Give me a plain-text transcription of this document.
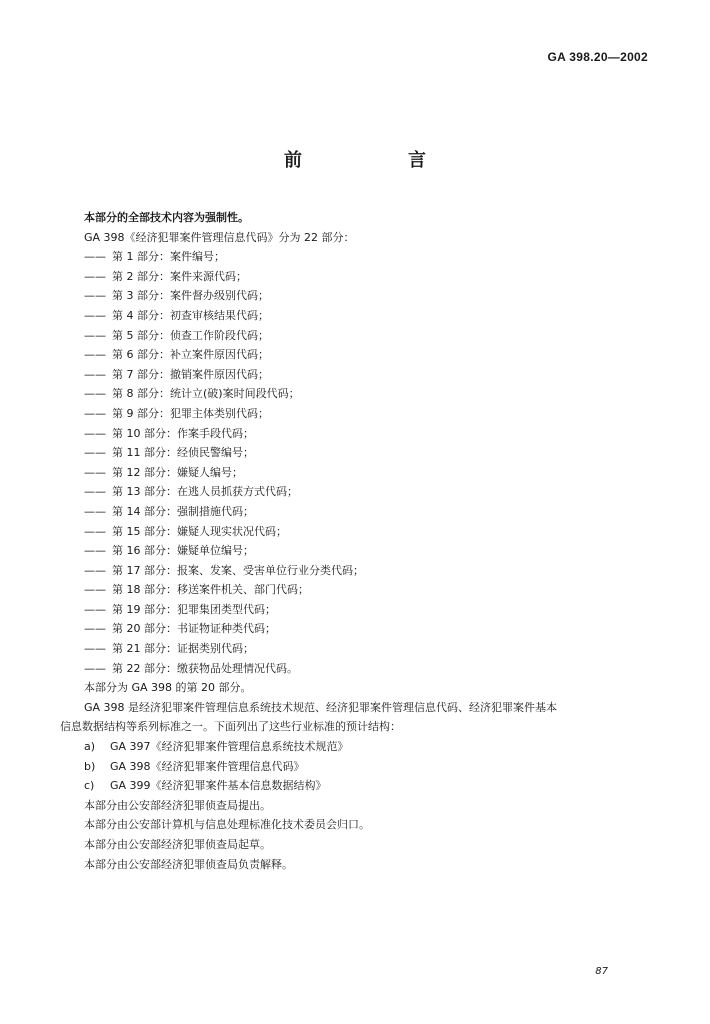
GA 398.20—2002
前　言
本部分的全部技术内容为强制性。
GA 398《经济犯罪案件管理信息代码》分为 22 部分：
—— 第 1 部分：案件编号；
—— 第 2 部分：案件来源代码；
—— 第 3 部分：案件督办级别代码；
—— 第 4 部分：初查审核结果代码；
—— 第 5 部分：侦查工作阶段代码；
—— 第 6 部分：补立案件原因代码；
—— 第 7 部分：撤销案件原因代码；
—— 第 8 部分：统计立(破)案时间段代码；
—— 第 9 部分：犯罪主体类别代码；
—— 第 10 部分：作案手段代码；
—— 第 11 部分：经侦民警编号；
—— 第 12 部分：嫌疑人编号；
—— 第 13 部分：在逃人员抓获方式代码；
—— 第 14 部分：强制措施代码；
—— 第 15 部分：嫌疑人现实状况代码；
—— 第 16 部分：嫌疑单位编号；
—— 第 17 部分：报案、发案、受害单位行业分类代码；
—— 第 18 部分：移送案件机关、部门代码；
—— 第 19 部分：犯罪集团类型代码；
—— 第 20 部分：书证物证种类代码；
—— 第 21 部分：证据类别代码；
—— 第 22 部分：缴获物品处理情况代码。
本部分为 GA 398 的第 20 部分。
GA 398 是经济犯罪案件管理信息系统技术规范、经济犯罪案件管理信息代码、经济犯罪案件基本
信息数据结构等系列标准之一。下面列出了这些行业标准的预计结构：
a) GA 397《经济犯罪案件管理信息系统技术规范》
b) GA 398《经济犯罪案件管理信息代码》
c) GA 399《经济犯罪案件基本信息数据结构》
本部分由公安部经济犯罪侦查局提出。
本部分由公安部计算机与信息处理标准化技术委员会归口。
本部分由公安部经济犯罪侦查局起草。
本部分由公安部经济犯罪侦查局负责解释。
87
